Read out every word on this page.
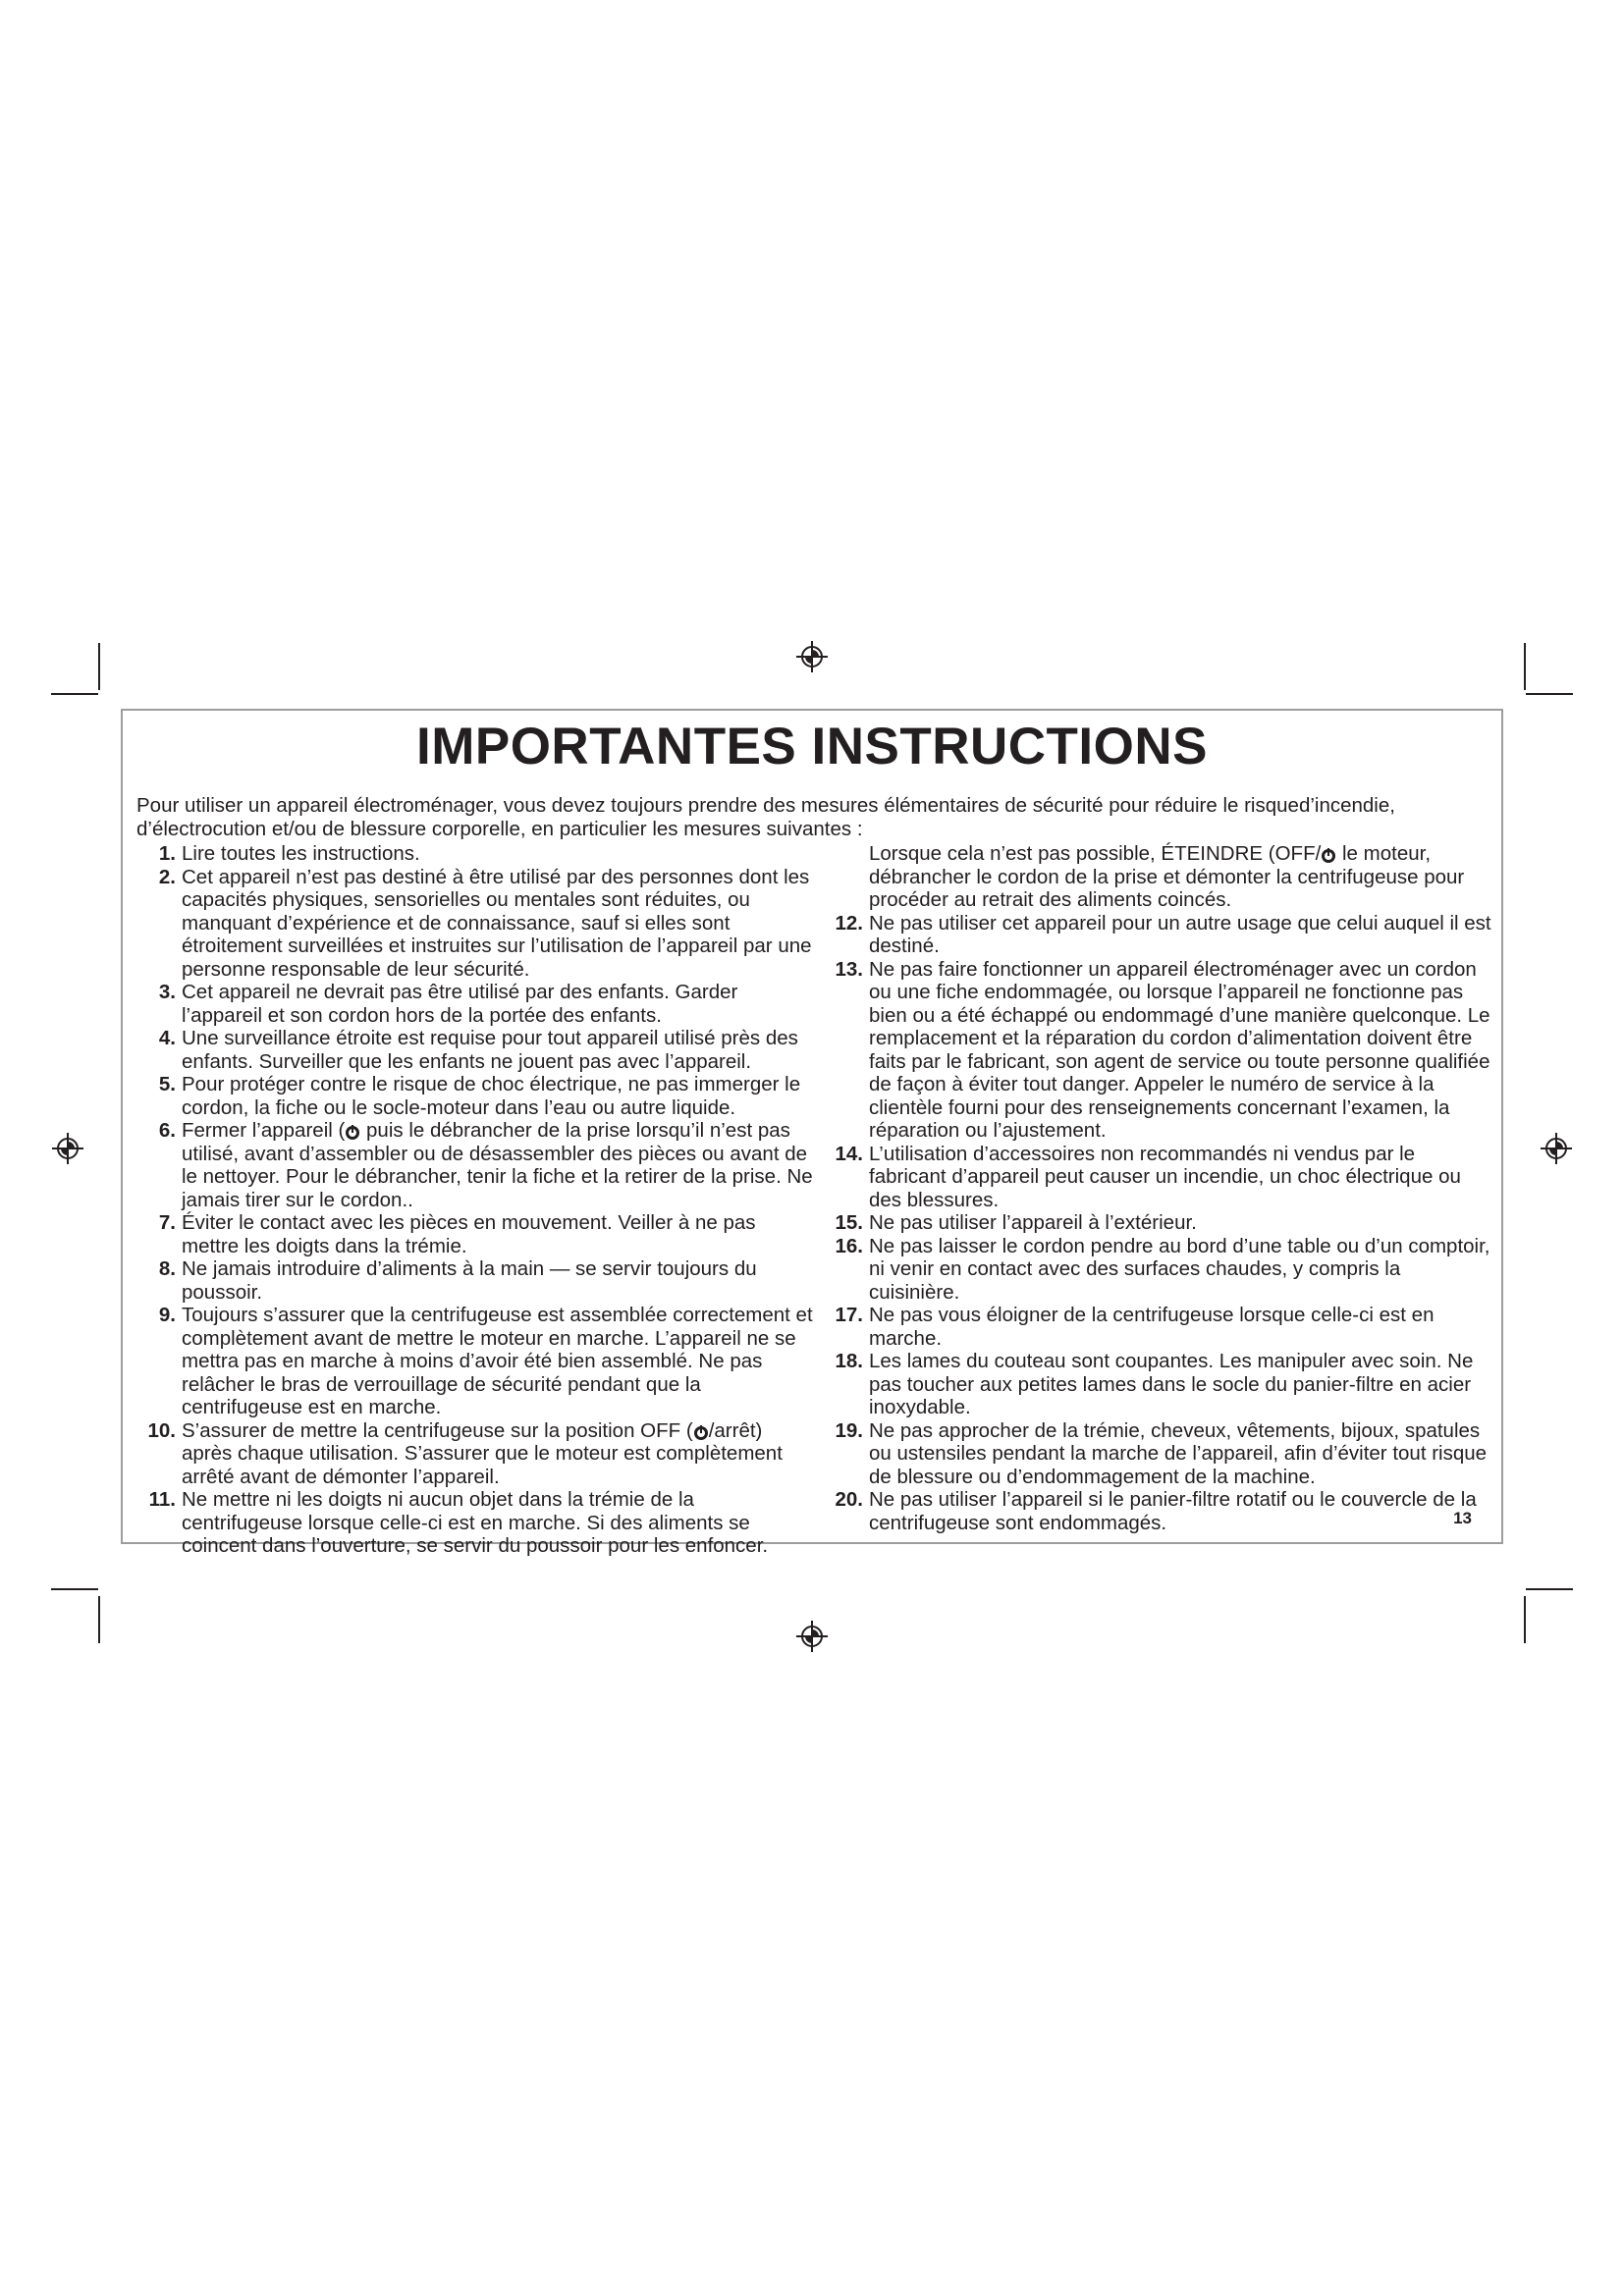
IMPORTANTES INSTRUCTIONS

Pour utiliser un appareil électroménager, vous devez toujours prendre des mesures élémentaires de sécurité pour réduire le risqued’incendie, d’électrocution et/ou de blessure corporelle, en particulier les mesures suivantes :

1. Lire toutes les instructions.
2. Cet appareil n’est pas destiné à être utilisé par des personnes dont les capacités physiques, sensorielles ou mentales sont réduites, ou manquant d’expérience et de connaissance, sauf si elles sont étroitement surveillées et instruites sur l’utilisation de l’appareil par une personne responsable de leur sécurité.
3. Cet appareil ne devrait pas être utilisé par des enfants. Garder l’appareil et son cordon hors de la portée des enfants.
4. Une surveillance étroite est requise pour tout appareil utilisé près des enfants. Surveiller que les enfants ne jouent pas avec l’appareil.
5. Pour protéger contre le risque de choc électrique, ne pas immerger le cordon, la fiche ou le socle-moteur dans l’eau ou autre liquide.
6. Fermer l’appareil ( puis le débrancher de la prise lorsqu’il n’est pas utilisé, avant d’assembler ou de désassembler des pièces ou avant de le nettoyer. Pour le débrancher, tenir la fiche et la retirer de la prise. Ne jamais tirer sur le cordon..
7. Éviter le contact avec les pièces en mouvement. Veiller à ne pas mettre les doigts dans la trémie.
8. Ne jamais introduire d’aliments à la main — se servir toujours du poussoir.
9. Toujours s’assurer que la centrifugeuse est assemblée correctement et complètement avant de mettre le moteur en marche. L’appareil ne se mettra pas en marche à moins d’avoir été bien assemblé. Ne pas relâcher le bras de verrouillage de sécurité pendant que la centrifugeuse est en marche.
10. S’assurer de mettre la centrifugeuse sur la position OFF ( /arrêt) après chaque utilisation. S’assurer que le moteur est complètement arrêté avant de démonter l’appareil.
11. Ne mettre ni les doigts ni aucun objet dans la trémie de la centrifugeuse lorsque celle-ci est en marche. Si des aliments se coincent dans l’ouverture, se servir du poussoir pour les enfoncer.
Lorsque cela n’est pas possible, ÉTEINDRE (OFF/ le moteur, débrancher le cordon de la prise et démonter la centrifugeuse pour procéder au retrait des aliments coincés.
12. Ne pas utiliser cet appareil pour un autre usage que celui auquel il est destiné.
13. Ne pas faire fonctionner un appareil électroménager avec un cordon ou une fiche endommagée, ou lorsque l’appareil ne fonctionne pas bien ou a été échappé ou endommagé d’une manière quelconque. Le remplacement et la réparation du cordon d’alimentation doivent être faits par le fabricant, son agent de service ou toute personne qualifiée de façon à éviter tout danger. Appeler le numéro de service à la clientèle fourni pour des renseignements concernant l’examen, la réparation ou l’ajustement.
14. L’utilisation d’accessoires non recommandés ni vendus par le fabricant d’appareil peut causer un incendie, un choc électrique ou des blessures.
15. Ne pas utiliser l’appareil à l’extérieur.
16. Ne pas laisser le cordon pendre au bord d’une table ou d’un comptoir, ni venir en contact avec des surfaces chaudes, y compris la cuisinière.
17. Ne pas vous éloigner de la centrifugeuse lorsque celle-ci est en marche.
18. Les lames du couteau sont coupantes. Les manipuler avec soin. Ne pas toucher aux petites lames dans le socle du panier-filtre en acier inoxydable.
19. Ne pas approcher de la trémie, cheveux, vêtements, bijoux, spatules ou ustensiles pendant la marche de l’appareil, afin d’éviter tout risque de blessure ou d’endommagement de la machine.
20. Ne pas utiliser l’appareil si le panier-filtre rotatif ou le couvercle de la centrifugeuse sont endommagés.	13
